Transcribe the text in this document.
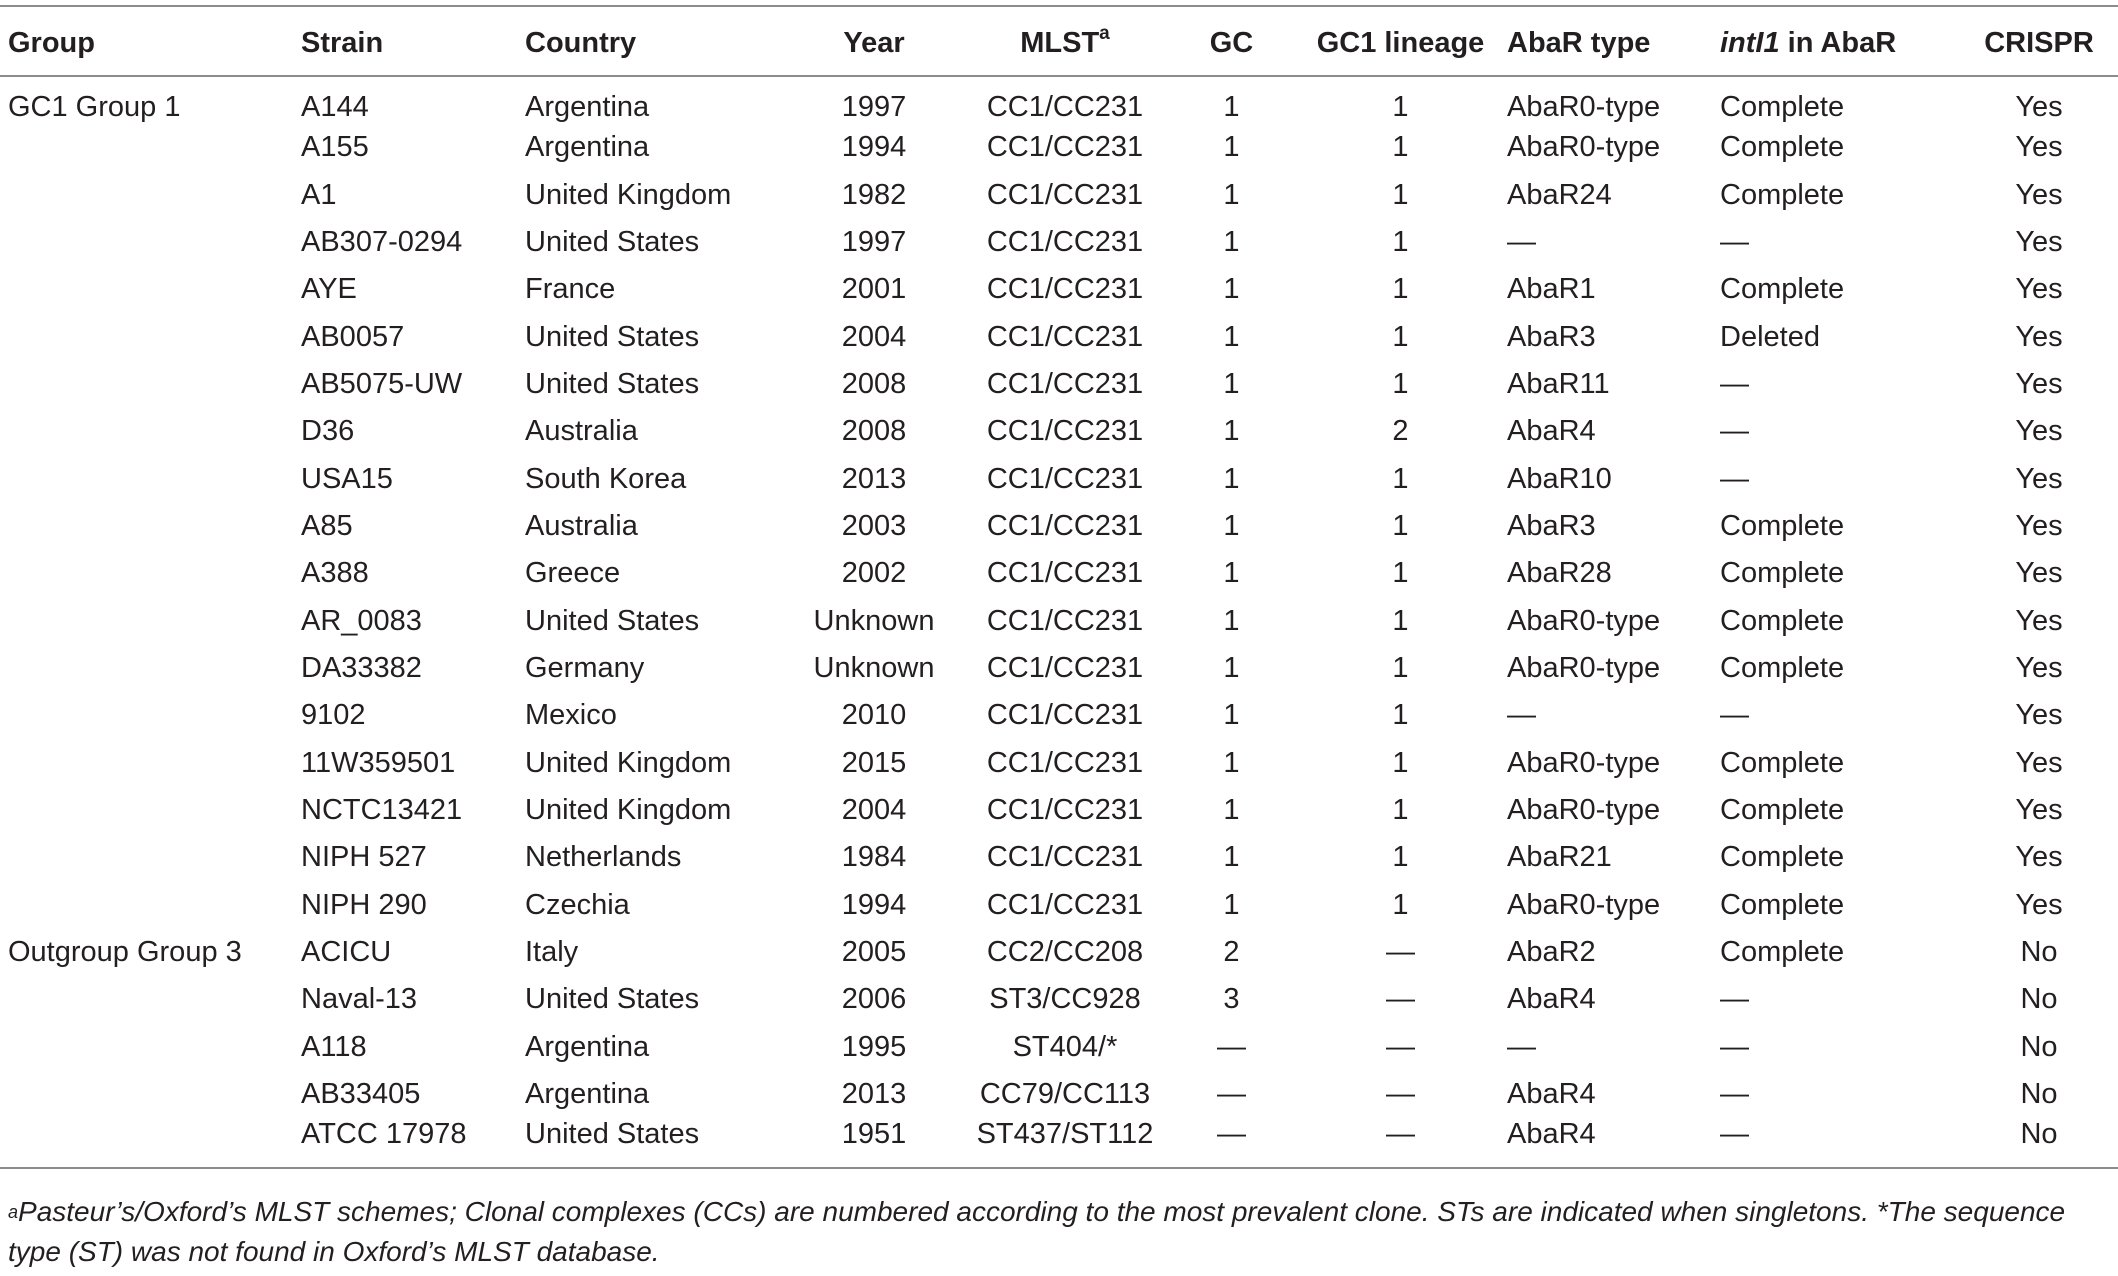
Group	Strain	Country	Year	MLST$^a$	GC	GC1 lineage	AbaR type	intI1 in AbaR	CRISPR
GC1 Group 1	A144	Argentina	1997	CC1/CC231	1	1	AbaR0-type	Complete	Yes
	A155	Argentina	1994	CC1/CC231	1	1	AbaR0-type	Complete	Yes
	A1	United Kingdom	1982	CC1/CC231	1	1	AbaR24	Complete	Yes
	AB307-0294	United States	1997	CC1/CC231	1	1	—	—	Yes
	AYE	France	2001	CC1/CC231	1	1	AbaR1	Complete	Yes
	AB0057	United States	2004	CC1/CC231	1	1	AbaR3	Deleted	Yes
	AB5075-UW	United States	2008	CC1/CC231	1	1	AbaR11	—	Yes
	D36	Australia	2008	CC1/CC231	1	2	AbaR4	—	Yes
	USA15	South Korea	2013	CC1/CC231	1	1	AbaR10	—	Yes
	A85	Australia	2003	CC1/CC231	1	1	AbaR3	Complete	Yes
	A388	Greece	2002	CC1/CC231	1	1	AbaR28	Complete	Yes
	AR_0083	United States	Unknown	CC1/CC231	1	1	AbaR0-type	Complete	Yes
	DA33382	Germany	Unknown	CC1/CC231	1	1	AbaR0-type	Complete	Yes
	9102	Mexico	2010	CC1/CC231	1	1	—	—	Yes
	11W359501	United Kingdom	2015	CC1/CC231	1	1	AbaR0-type	Complete	Yes
	NCTC13421	United Kingdom	2004	CC1/CC231	1	1	AbaR0-type	Complete	Yes
	NIPH 527	Netherlands	1984	CC1/CC231	1	1	AbaR21	Complete	Yes
	NIPH 290	Czechia	1994	CC1/CC231	1	1	AbaR0-type	Complete	Yes
Outgroup Group 3	ACICU	Italy	2005	CC2/CC208	2	—	AbaR2	Complete	No
	Naval-13	United States	2006	ST3/CC928	3	—	AbaR4	—	No
	A118	Argentina	1995	ST404/*	—	—	—	—	No
	AB33405	Argentina	2013	CC79/CC113	—	—	AbaR4	—	No
	ATCC 17978	United States	1951	ST437/ST112	—	—	AbaR4	—	No
$^a$Pasteur’s/Oxford’s MLST schemes; Clonal complexes (CCs) are numbered according to the most prevalent clone. STs are indicated when singletons. *The sequence type (ST) was not found in Oxford’s MLST database.
